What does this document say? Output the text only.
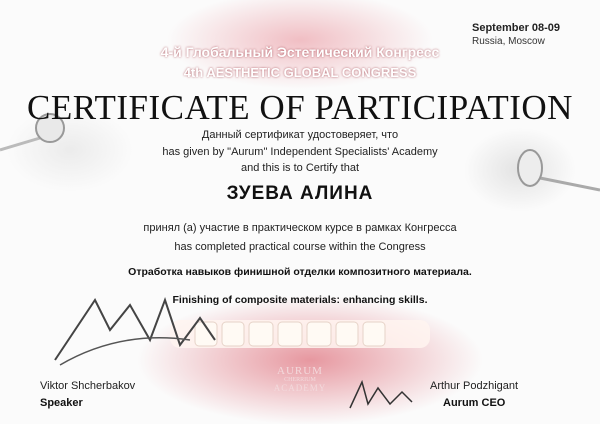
September 08-09
Russia, Moscow
4-й Глобальный Эстетический Конгресс
4th AESTHETIC GLOBAL CONGRESS
CERTIFICATE OF PARTICIPATION
Данный сертификат удостоверяет, что
has given by "Aurum" Independent Specialists' Academy
and this is to Certify that
ЗУЕВА АЛИНА
принял (а) участие в практическом курсе в рамках Конгресса
has completed practical course within the Congress
Отработка навыков финишной отделки композитного материала.
Finishing of composite materials: enhancing skills.
AURUM
CHERRIUM
ACADEMY
Viktor Shcherbakov
Speaker
Arthur Podzhigant
Aurum CEO
